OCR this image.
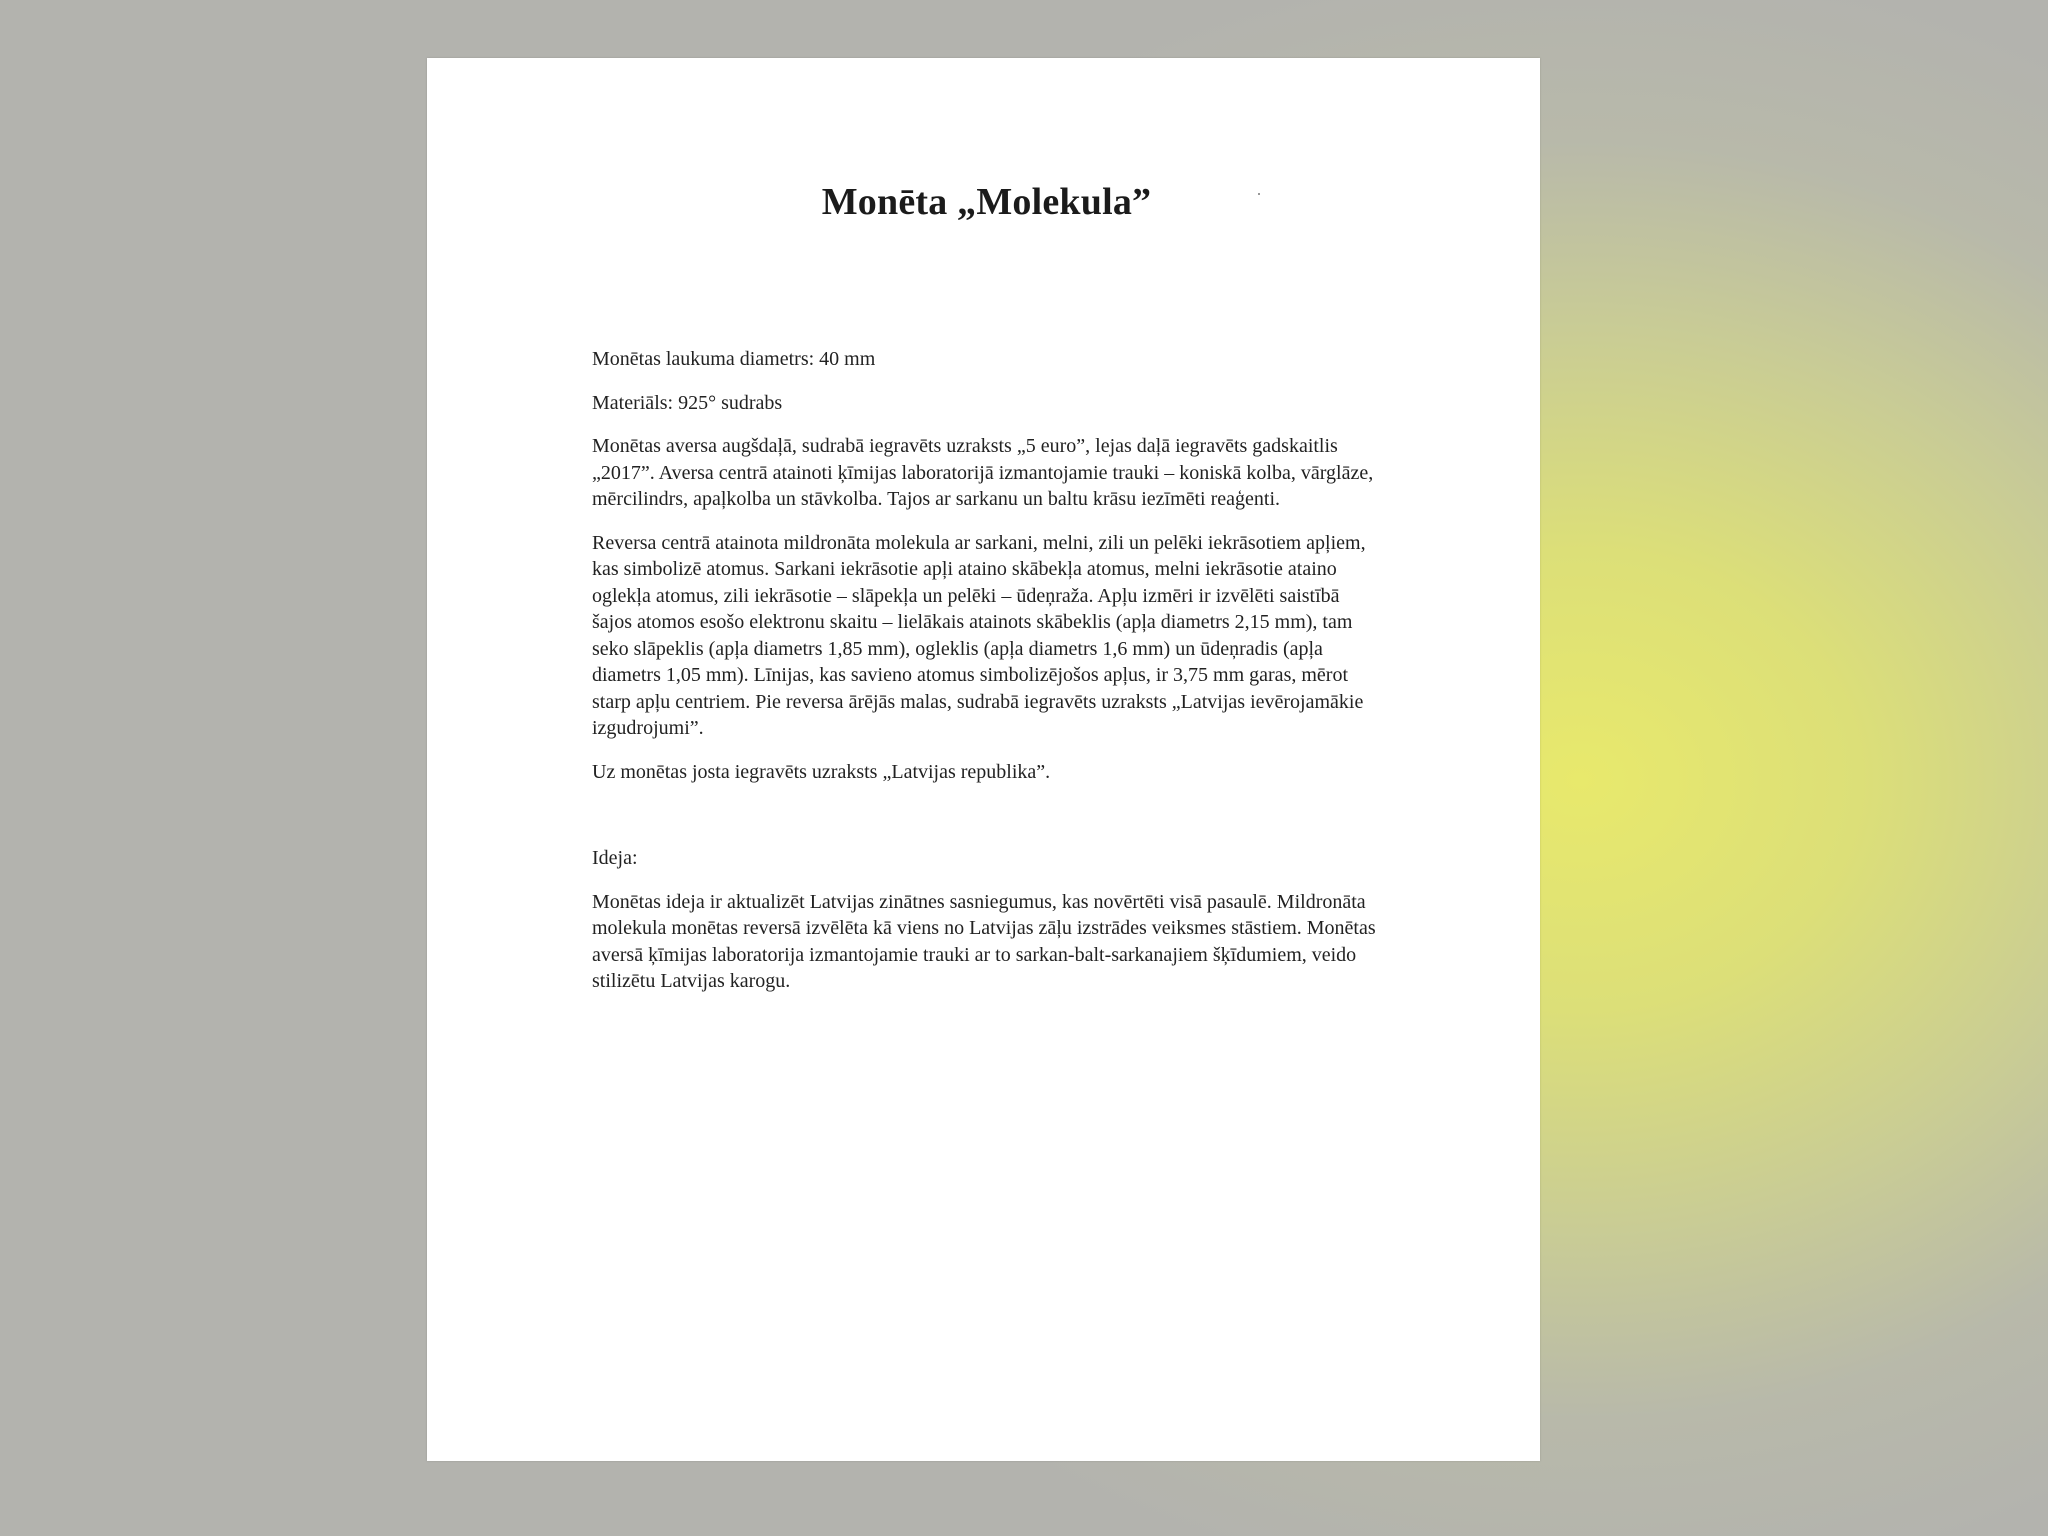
Monēta „Molekula”

Monētas laukuma diametrs: 40 mm

Materiāls: 925° sudrabs

Monētas aversa augšdaļā, sudrabā iegravēts uzraksts „5 euro”, lejas daļā iegravēts gadskaitlis „2017”. Aversa centrā atainoti ķīmijas laboratorijā izmantojamie trauki – koniskā kolba, vārglāze, mērcilindrs, apaļkolba un stāvkolba. Tajos ar sarkanu un baltu krāsu iezīmēti reaģenti.

Reversa centrā atainota mildronāta molekula ar sarkani, melni, zili un pelēki iekrāsotiem apļiem, kas simbolizē atomus. Sarkani iekrāsotie apļi ataino skābekļa atomus, melni iekrāsotie ataino oglekļa atomus, zili iekrāsotie – slāpekļa un pelēki – ūdeņraža. Apļu izmēri ir izvēlēti saistībā šajos atomos esošo elektronu skaitu – lielākais atainots skābeklis (apļa diametrs 2,15 mm), tam seko slāpeklis (apļa diametrs 1,85 mm), ogleklis (apļa diametrs 1,6 mm) un ūdeņradis (apļa diametrs 1,05 mm). Līnijas, kas savieno atomus simbolizējošos apļus, ir 3,75 mm garas, mērot starp apļu centriem. Pie reversa ārējās malas, sudrabā iegravēts uzraksts „Latvijas ievērojamākie izgudrojumi”.

Uz monētas josta iegravēts uzraksts „Latvijas republika”.

Ideja:

Monētas ideja ir aktualizēt Latvijas zinātnes sasniegumus, kas novērtēti visā pasaulē. Mildronāta molekula monētas reversā izvēlēta kā viens no Latvijas zāļu izstrādes veiksmes stāstiem. Monētas aversā ķīmijas laboratorija izmantojamie trauki ar to sarkan-balt-sarkanajiem šķīdumiem, veido stilizētu Latvijas karogu.
